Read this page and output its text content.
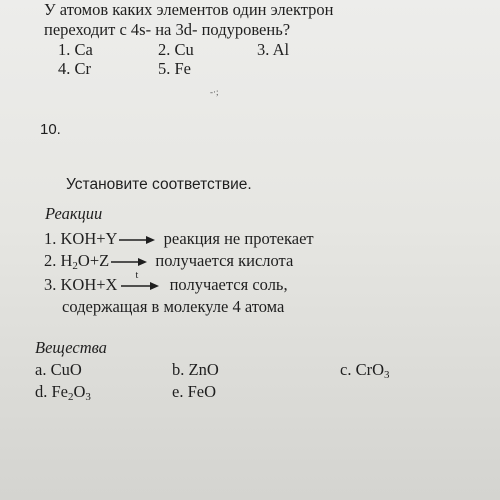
У атомов каких элементов один электрон
переходит с 4s- на 3d- подуровень?
1. Ca	2. Cu	3. Al
4. Cr	5. Fe
-·;
10.
Установите соответствие.
Реакции
1. KOH+Y	реакция не протекает
2. $H_2O+Z$	получается кислота
3. KOH+X t получается соль,
содержащая в молекуле 4 атома
Вещества
a. CuO	b. ZnO	c. CrO$_3$
d. $Fe_2O_3$	e. FeO
